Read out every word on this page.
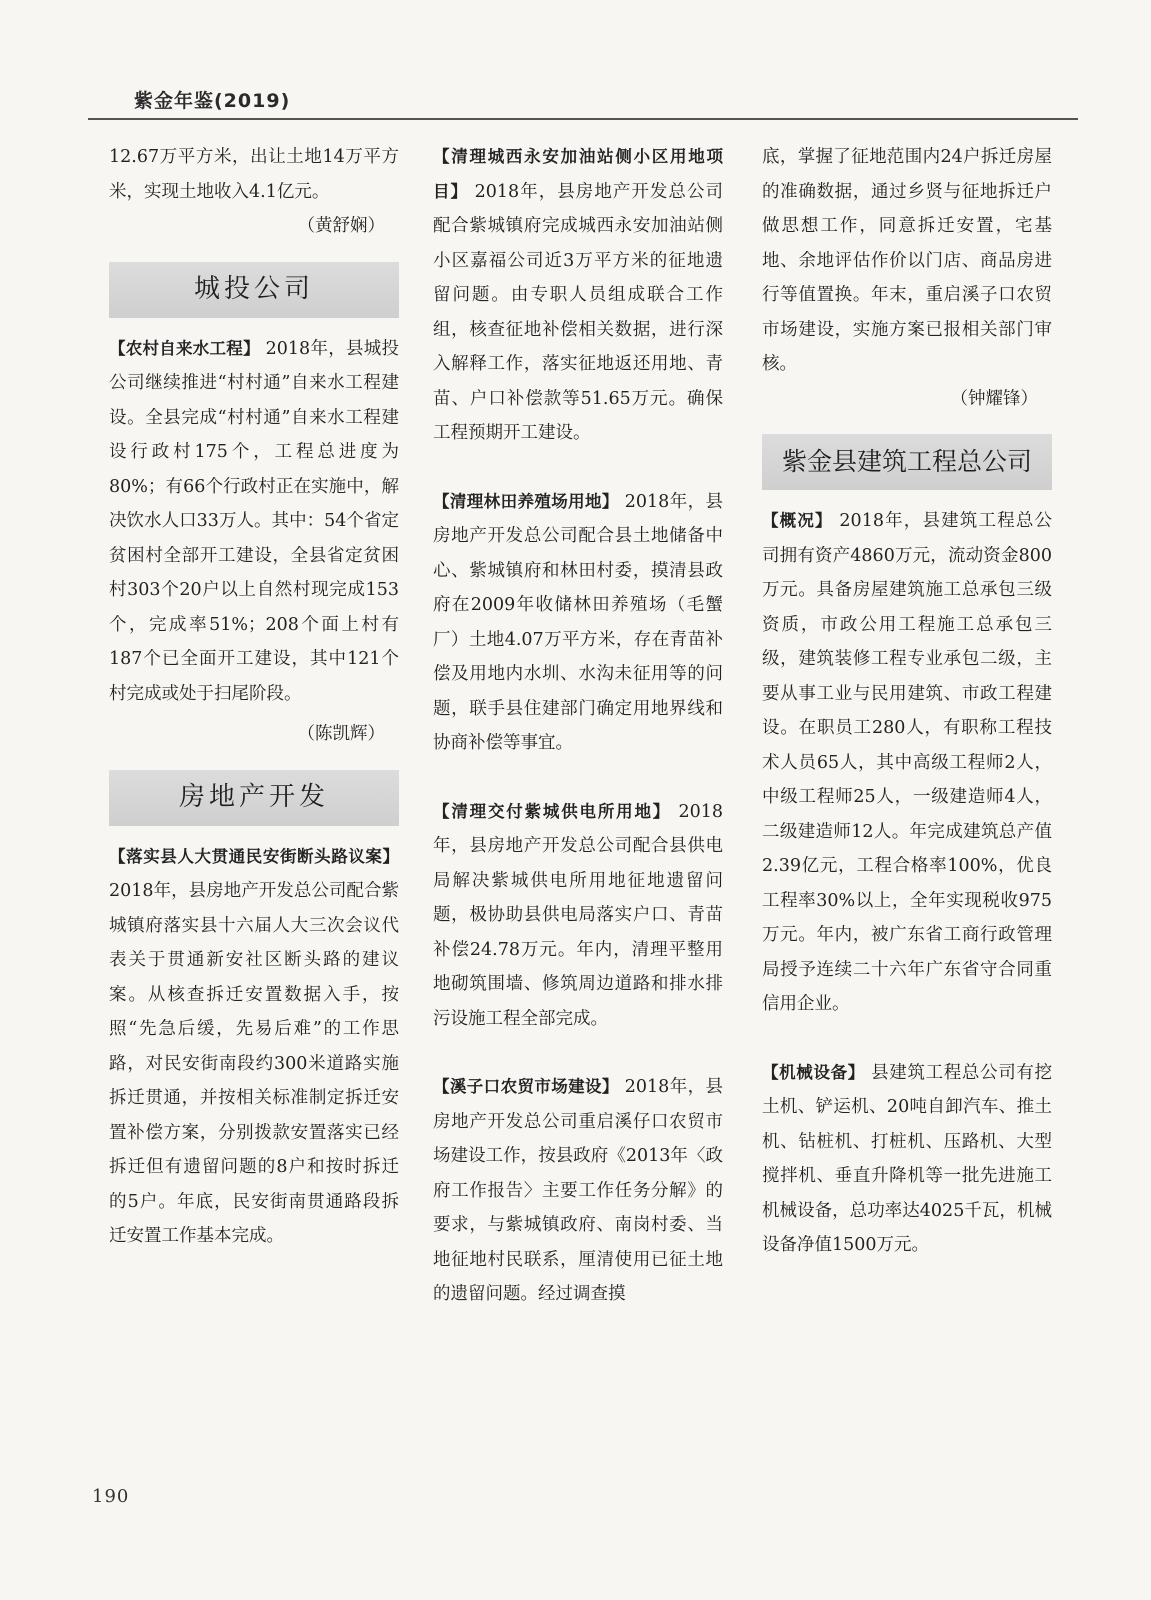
紫金年鉴(2019)

12.67万平方米，出让土地14万平方米，实现土地收入4.1亿元。

（黄舒娴）

城投公司

【农村自来水工程】 2018年，县城投公司继续推进“村村通”自来水工程建设。全县完成“村村通”自来水工程建设行政村175个，工程总进度为80%；有66个行政村正在实施中，解决饮水人口33万人。其中：54个省定贫困村全部开工建设，全县省定贫困村303个20户以上自然村现完成153个，完成率51%；208个面上村有187个已全面开工建设，其中121个村完成或处于扫尾阶段。

（陈凯辉）

房地产开发

【落实县人大贯通民安街断头路议案】 2018年，县房地产开发总公司配合紫城镇府落实县十六届人大三次会议代表关于贯通新安社区断头路的建议案。从核查拆迁安置数据入手，按照“先急后缓，先易后难”的工作思路，对民安街南段约300米道路实施拆迁贯通，并按相关标准制定拆迁安置补偿方案，分别拨款安置落实已经拆迁但有遗留问题的8户和按时拆迁的5户。年底，民安街南贯通路段拆迁安置工作基本完成。

【清理城西永安加油站侧小区用地项目】 2018年，县房地产开发总公司配合紫城镇府完成城西永安加油站侧小区嘉福公司近3万平方米的征地遗留问题。由专职人员组成联合工作组，核查征地补偿相关数据，进行深入解释工作，落实征地返还用地、青苗、户口补偿款等51.65万元。确保工程预期开工建设。

【清理林田养殖场用地】 2018年，县房地产开发总公司配合县土地储备中心、紫城镇府和林田村委，摸清县政府在2009年收储林田养殖场（毛蟹厂）土地4.07万平方米，存在青苗补偿及用地内水圳、水沟未征用等的问题，联手县住建部门确定用地界线和协商补偿等事宜。

【清理交付紫城供电所用地】 2018年，县房地产开发总公司配合县供电局解决紫城供电所用地征地遗留问题，极协助县供电局落实户口、青苗补偿24.78万元。年内，清理平整用地砌筑围墙、修筑周边道路和排水排污设施工程全部完成。

【溪子口农贸市场建设】 2018年，县房地产开发总公司重启溪仔口农贸市场建设工作，按县政府《2013年〈政府工作报告〉主要工作任务分解》的要求，与紫城镇政府、南岗村委、当地征地村民联系，厘清使用已征土地的遗留问题。经过调查摸

底，掌握了征地范围内24户拆迁房屋的准确数据，通过乡贤与征地拆迁户做思想工作，同意拆迁安置，宅基地、余地评估作价以门店、商品房进行等值置换。年末，重启溪子口农贸市场建设，实施方案已报相关部门审核。

（钟耀锋）

紫金县建筑工程总公司

【概况】 2018年，县建筑工程总公司拥有资产4860万元，流动资金800万元。具备房屋建筑施工总承包三级资质，市政公用工程施工总承包三级，建筑装修工程专业承包二级，主要从事工业与民用建筑、市政工程建设。在职员工280人，有职称工程技术人员65人，其中高级工程师2人，中级工程师25人，一级建造师4人，二级建造师12人。年完成建筑总产值2.39亿元，工程合格率100%，优良工程率30%以上，全年实现税收975万元。年内，被广东省工商行政管理局授予连续二十六年广东省守合同重信用企业。

【机械设备】 县建筑工程总公司有挖土机、铲运机、20吨自卸汽车、推土机、钻桩机、打桩机、压路机、大型搅拌机、垂直升降机等一批先进施工机械设备，总功率达4025千瓦，机械设备净值1500万元。

190
